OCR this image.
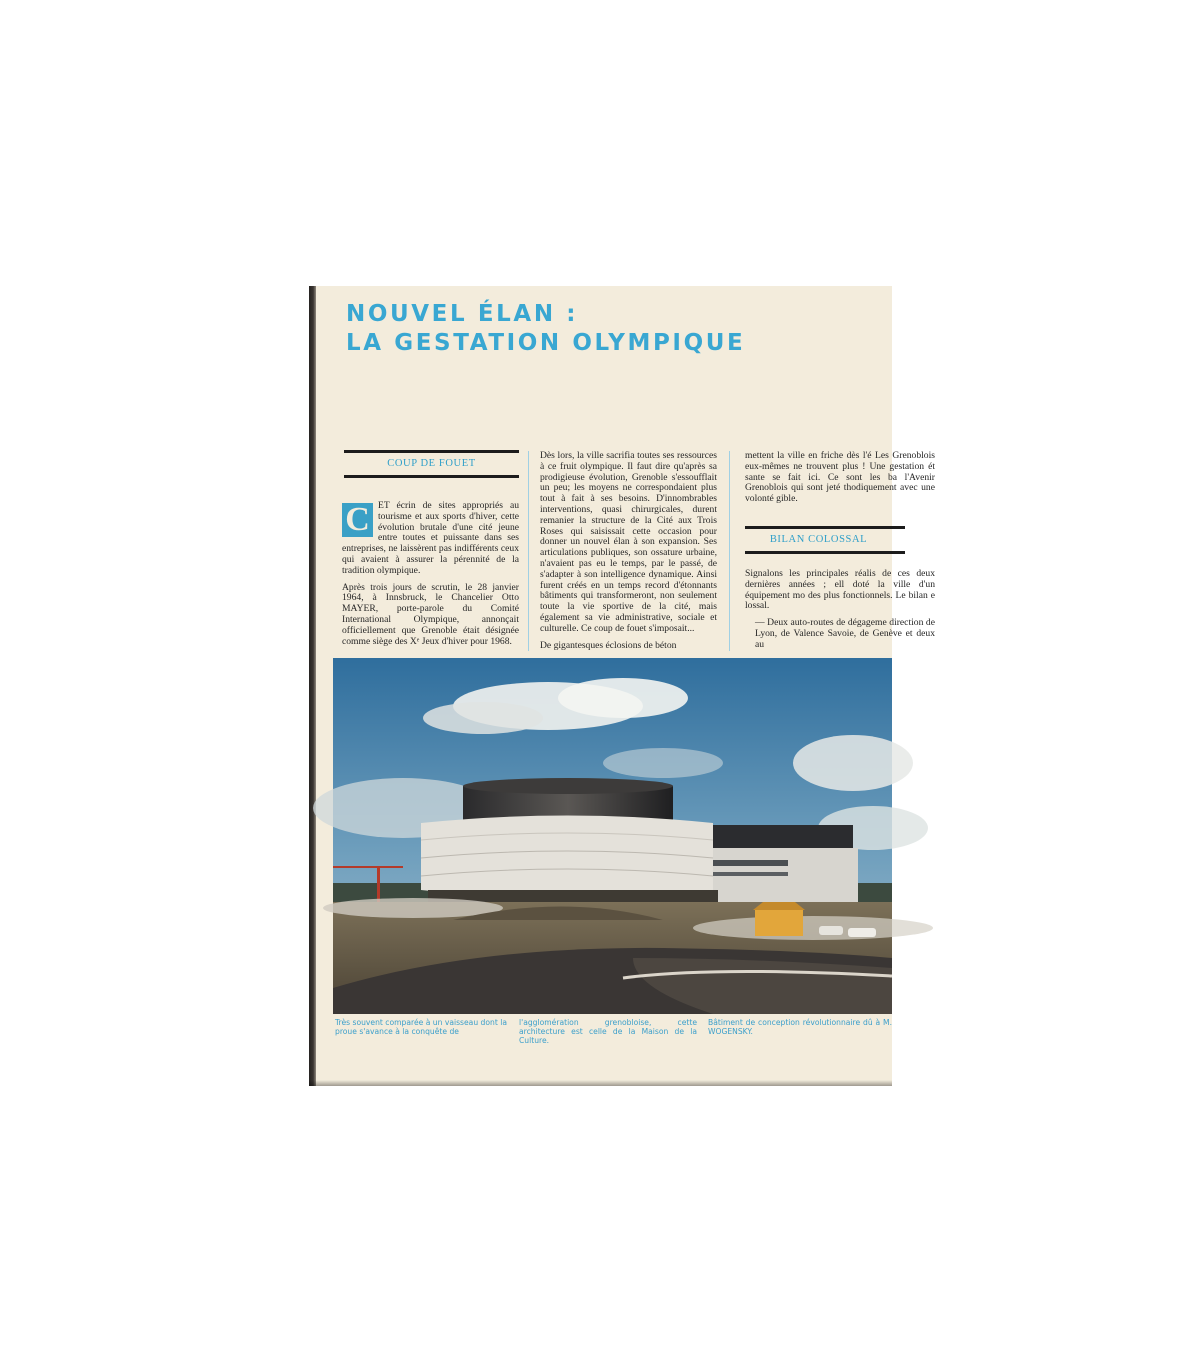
NOUVEL ÉLAN :
LA GESTATION OLYMPIQUE
COUP DE FOUET

C ET écrin de sites appropriés au tourisme et aux sports d'hiver, cette évolution brutale d'une cité jeune entre toutes et puissante dans ses entreprises, ne laissèrent pas indifférents ceux qui avaient à assurer la pérennité de la tradition olympique.

Après trois jours de scrutin, le 28 janvier 1964, à Innsbruck, le Chancelier Otto MAYER, porte-parole du Comité International Olympique, annonçait officiellement que Grenoble était désignée comme siège des Xᵉ Jeux d'hiver pour 1968.

Dès lors, la ville sacrifia toutes ses ressources à ce fruit olympique. Il faut dire qu'après sa prodigieuse évolution, Grenoble s'essoufflait un peu; les moyens ne correspondaient plus tout à fait à ses besoins. D'innombrables interventions, quasi chirurgicales, durent remanier la structure de la Cité aux Trois Roses qui saisissait cette occasion pour donner un nouvel élan à son expansion. Ses articulations publiques, son ossature urbaine, n'avaient pas eu le temps, par le passé, de s'adapter à son intelligence dynamique. Ainsi furent créés en un temps record d'étonnants bâtiments qui transformeront, non seulement toute la vie sportive de la cité, mais également sa vie administrative, sociale et culturelle. Ce coup de fouet s'imposait...

De gigantesques éclosions de béton

mettent la ville en friche dès l'é Les Grenoblois eux-mêmes ne trouvent plus ! Une gestation ét sante se fait ici. Ce sont les ba l'Avenir Grenoblois qui sont jeté thodiquement avec une volonté gible.

BILAN COLOSSAL

Signalons les principales réalis de ces deux dernières années ; ell doté la ville d'un équipement mo des plus fonctionnels. Le bilan e lossal.

— Deux auto-routes de dégageme direction de Lyon, de Valence Savoie, de Genève et deux au

Très souvent comparée à un vaisseau dont la proue s'avance à la conquête de
l'agglomération grenobloise, cette architecture est celle de la Maison de la Culture.
Bâtiment de conception révolutionnaire dû à M. WOGENSKY.
